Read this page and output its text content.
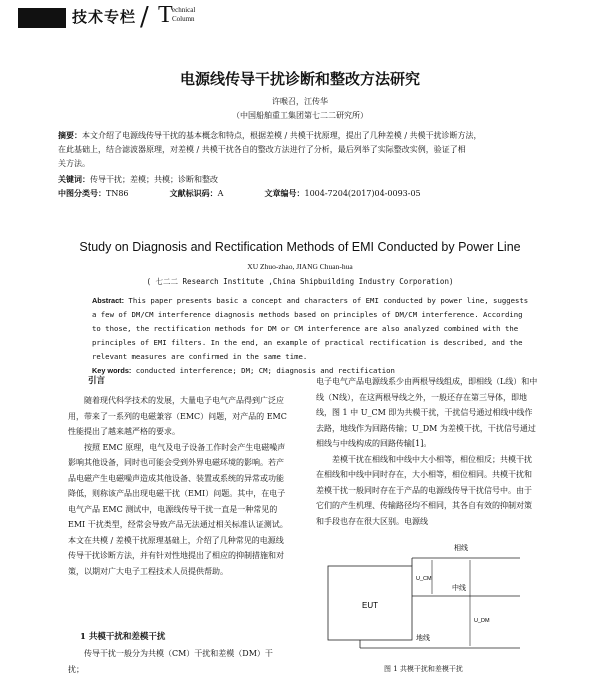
技术专栏 / T echnical
Column
电源线传导干扰诊断和整改方法研究
许喉召，江传华
（中国船舶重工集团第七二二研究所）
摘要：本文介绍了电源线传导干扰的基本概念和特点，根据差模 / 共模干扰原理，提出了几种差模 / 共模干扰诊断方法，
在此基础上，结合滤波器原理，对差模 / 共模干扰各自的整改方法进行了分析，最后列举了实际整改实例，验证了相
关方法。
关键词：传导干扰；差模；共模；诊断和整改
中图分类号：TN86	文献标识码：A	文章编号：1004-7204(2017)04-0093-05
Study on Diagnosis and Rectification Methods of EMI Conducted by Power Line
XU Zhuo-zhao, JIANG Chuan-hua
( 七二二 Research Institute ,China Shipbuilding Industry Corporation)
Abstract: This paper presents basic a concept and characters of EMI conducted by power line, suggests
a few of DM/CM interference diagnosis methods based on principles of DM/CM interference. According
to those, the rectification methods for DM or CM interference are also analyzed combined with the
principles of EMI filters. In the end, an example of practical rectification is described, and the
relevant measures are confirmed in the same time.
Key words: conducted interference; DM; CM; diagnosis and rectification
引言

随着现代科学技术的发展，大量电子电气产品得到广泛应用，带来了一系列的电磁兼容（EMC）问题，对产品的 EMC 性能提出了越来越严格的要求。

按照 EMC 原理，电气及电子设备工作时会产生电磁噪声影响其他设备，同时也可能会受到外界电磁环境的影响。若产品电磁产生电磁噪声造成其他设备、装置或系统的异常或功能降低，则称该产品出现电磁干扰（EMI）问题。其中，在电子电气产品 EMC 测试中，电源线传导干扰一直是一种常见的 EMI 干扰类型，经常会导致产品无法通过相关标准认证测试。本文在共模 / 差模干扰原理基础上，介绍了几种常见的电源线传导干扰诊断方法，并有针对性地提出了相应的抑制措施和对策，以期对广大电子工程技术人员提供帮助。

1 共模干扰和差模干扰

传导干扰一般分为共模（CM）干扰和差模（DM）干扰；

电子电气产品电源线系少由两根导线组成，即相线（L线）和中线（N线），在这两根导线之外，一般还存在第三导体，即地线，图 1 中 U_CM 即为共模干扰，干扰信号通过相线中线作去路，地线作为回路传输；U_DM 为差模干扰，干扰信号通过相线与中线构成的回路传输[1]。

差模干扰在相线和中线中大小相等，相位相反；共模干扰在相线和中线中同时存在，大小相等，相位相同。共模干扰和差模干扰一般同时存在于产品的电源线传导干扰信号中。由于它们的产生机理、传输路径均不相同，其各自有效的抑制对策和手段也存在很大区别。电源线

EUT
相线
中线
地线
U_CM
U_DM
图 1 共模干扰和差模干扰
